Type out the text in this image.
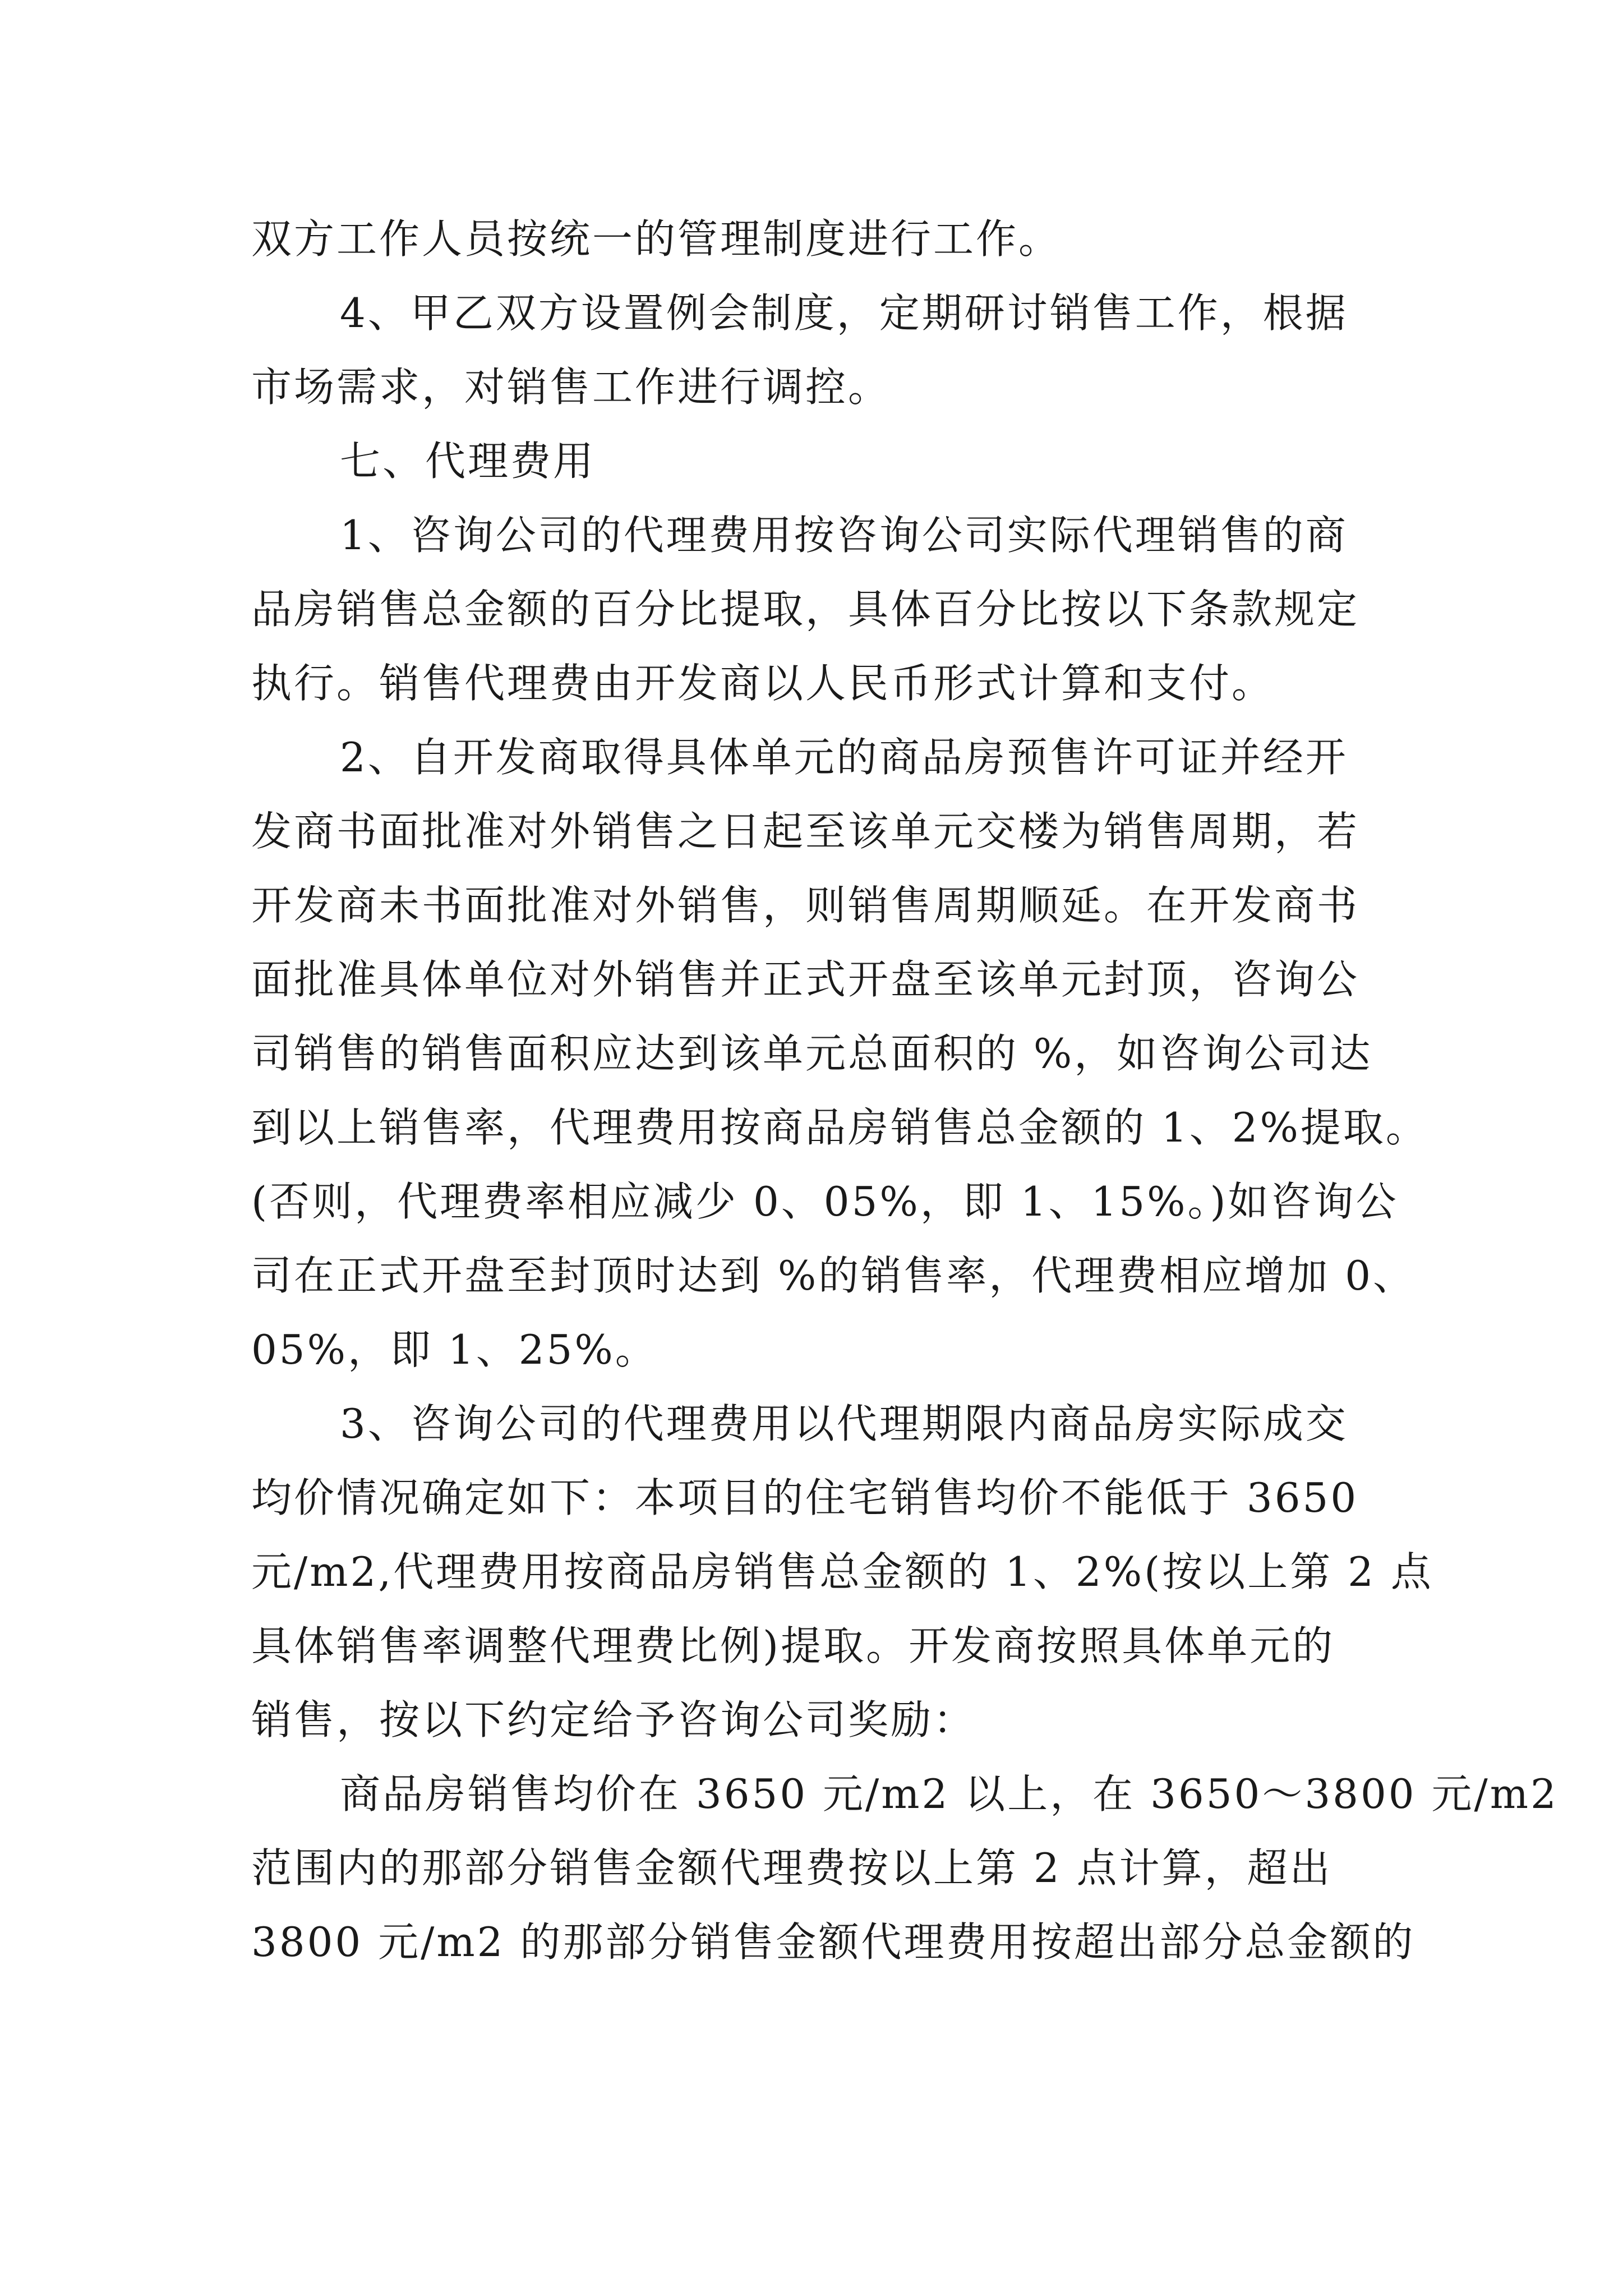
双方工作人员按统一的管理制度进行工作。
4、甲乙双方设置例会制度，定期研讨销售工作，根据
市场需求，对销售工作进行调控。
七、代理费用
1、咨询公司的代理费用按咨询公司实际代理销售的商
品房销售总金额的百分比提取，具体百分比按以下条款规定
执行。销售代理费由开发商以人民币形式计算和支付。
2、自开发商取得具体单元的商品房预售许可证并经开
发商书面批准对外销售之日起至该单元交楼为销售周期，若
开发商未书面批准对外销售，则销售周期顺延。在开发商书
面批准具体单位对外销售并正式开盘至该单元封顶，咨询公
司销售的销售面积应达到该单元总面积的 %，如咨询公司达
到以上销售率，代理费用按商品房销售总金额的 1、2%提取。
(否则，代理费率相应减少 0、05%，即 1、15%。)如咨询公
司在正式开盘至封顶时达到 %的销售率，代理费相应增加 0、
05%，即 1、25%。
3、咨询公司的代理费用以代理期限内商品房实际成交
均价情况确定如下：本项目的住宅销售均价不能低于 3650
元/m2,代理费用按商品房销售总金额的 1、2%(按以上第 2 点
具体销售率调整代理费比例)提取。开发商按照具体单元的
销售，按以下约定给予咨询公司奖励：
商品房销售均价在 3650 元/m2 以上，在 3650～3800 元/m2
范围内的那部分销售金额代理费按以上第 2 点计算，超出
3800 元/m2 的那部分销售金额代理费用按超出部分总金额的
